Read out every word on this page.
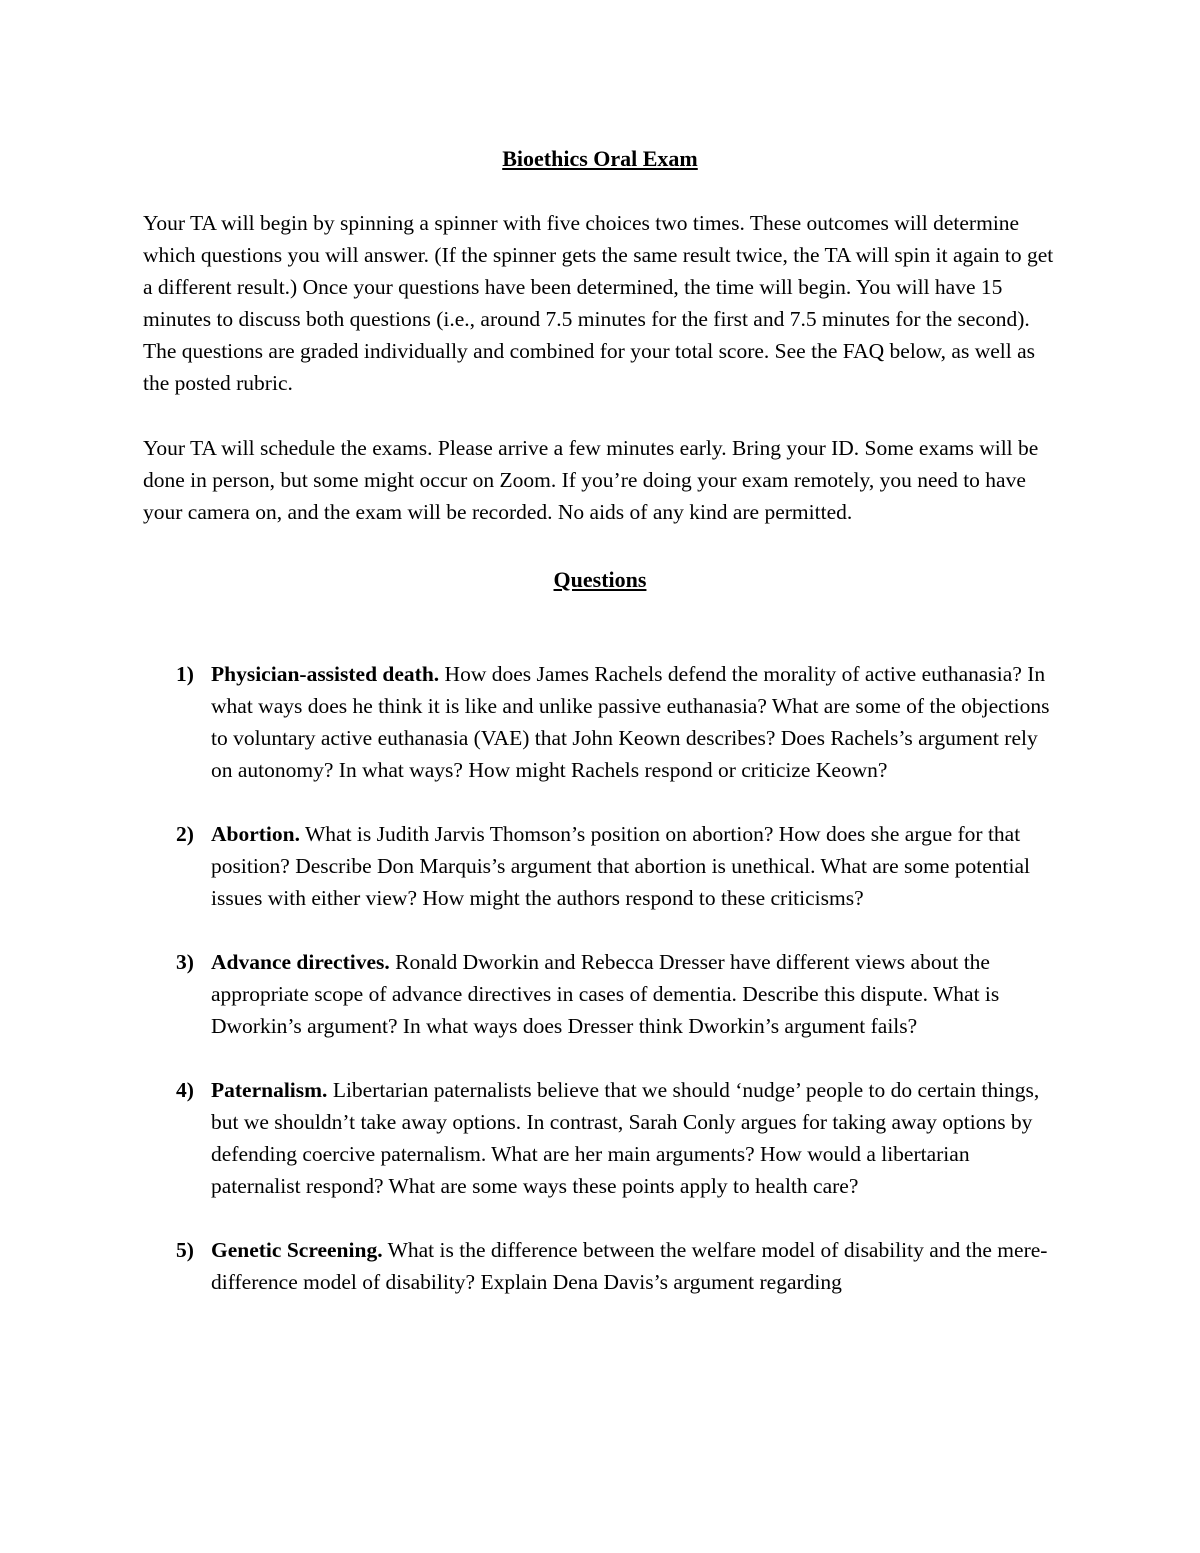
Bioethics Oral Exam

Your TA will begin by spinning a spinner with five choices two times. These outcomes will determine which questions you will answer. (If the spinner gets the same result twice, the TA will spin it again to get a different result.) Once your questions have been determined, the time will begin. You will have 15 minutes to discuss both questions (i.e., around 7.5 minutes for the first and 7.5 minutes for the second). The questions are graded individually and combined for your total score. See the FAQ below, as well as the posted rubric.

Your TA will schedule the exams. Please arrive a few minutes early. Bring your ID. Some exams will be done in person, but some might occur on Zoom. If you’re doing your exam remotely, you need to have your camera on, and the exam will be recorded. No aids of any kind are permitted.

Questions
1) Physician-assisted death. How does James Rachels defend the morality of active euthanasia? In what ways does he think it is like and unlike passive euthanasia? What are some of the objections to voluntary active euthanasia (VAE) that John Keown describes? Does Rachels’s argument rely on autonomy? In what ways? How might Rachels respond or criticize Keown?
2) Abortion. What is Judith Jarvis Thomson’s position on abortion? How does she argue for that position? Describe Don Marquis’s argument that abortion is unethical. What are some potential issues with either view? How might the authors respond to these criticisms?
3) Advance directives. Ronald Dworkin and Rebecca Dresser have different views about the appropriate scope of advance directives in cases of dementia. Describe this dispute. What is Dworkin’s argument? In what ways does Dresser think Dworkin’s argument fails?
4) Paternalism. Libertarian paternalists believe that we should ‘nudge’ people to do certain things, but we shouldn’t take away options. In contrast, Sarah Conly argues for taking away options by defending coercive paternalism. What are her main arguments? How would a libertarian paternalist respond? What are some ways these points apply to health care?
5) Genetic Screening. What is the difference between the welfare model of disability and the mere-difference model of disability? Explain Dena Davis’s argument regarding
